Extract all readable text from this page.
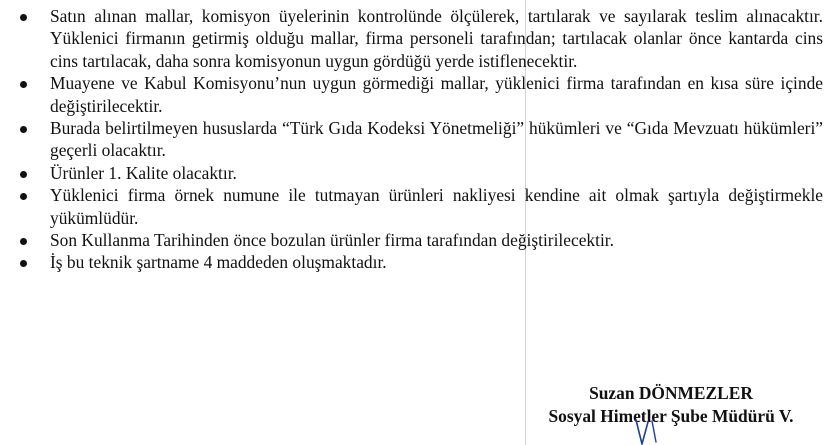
Satın alınan mallar, komisyon üyelerinin kontrolünde ölçülerek, tartılarak ve sayılarak teslim alınacaktır. Yüklenici firmanın getirmiş olduğu mallar, firma personeli tarafından; tartılacak olanlar önce kantarda cins cins tartılacak, daha sonra komisyonun uygun gördüğü yerde istiflenecektir.
Muayene ve Kabul Komisyonu’nun uygun görmediği mallar, yüklenici firma tarafından en kısa süre içinde değiştirilecektir.
Burada belirtilmeyen hususlarda “Türk Gıda Kodeksi Yönetmeliği” hükümleri ve “Gıda Mevzuatı hükümleri” geçerli olacaktır.
Ürünler 1. Kalite olacaktır.
Yüklenici firma örnek numune ile tutmayan ürünleri nakliyesi kendine ait olmak şartıyla değiştirmekle yükümlüdür.
Son Kullanma Tarihinden önce bozulan ürünler firma tarafından değiştirilecektir.
İş bu teknik şartname 4 maddeden oluşmaktadır.
Suzan DÖNMEZLER
Sosyal Himetler Şube Müdürü V.
